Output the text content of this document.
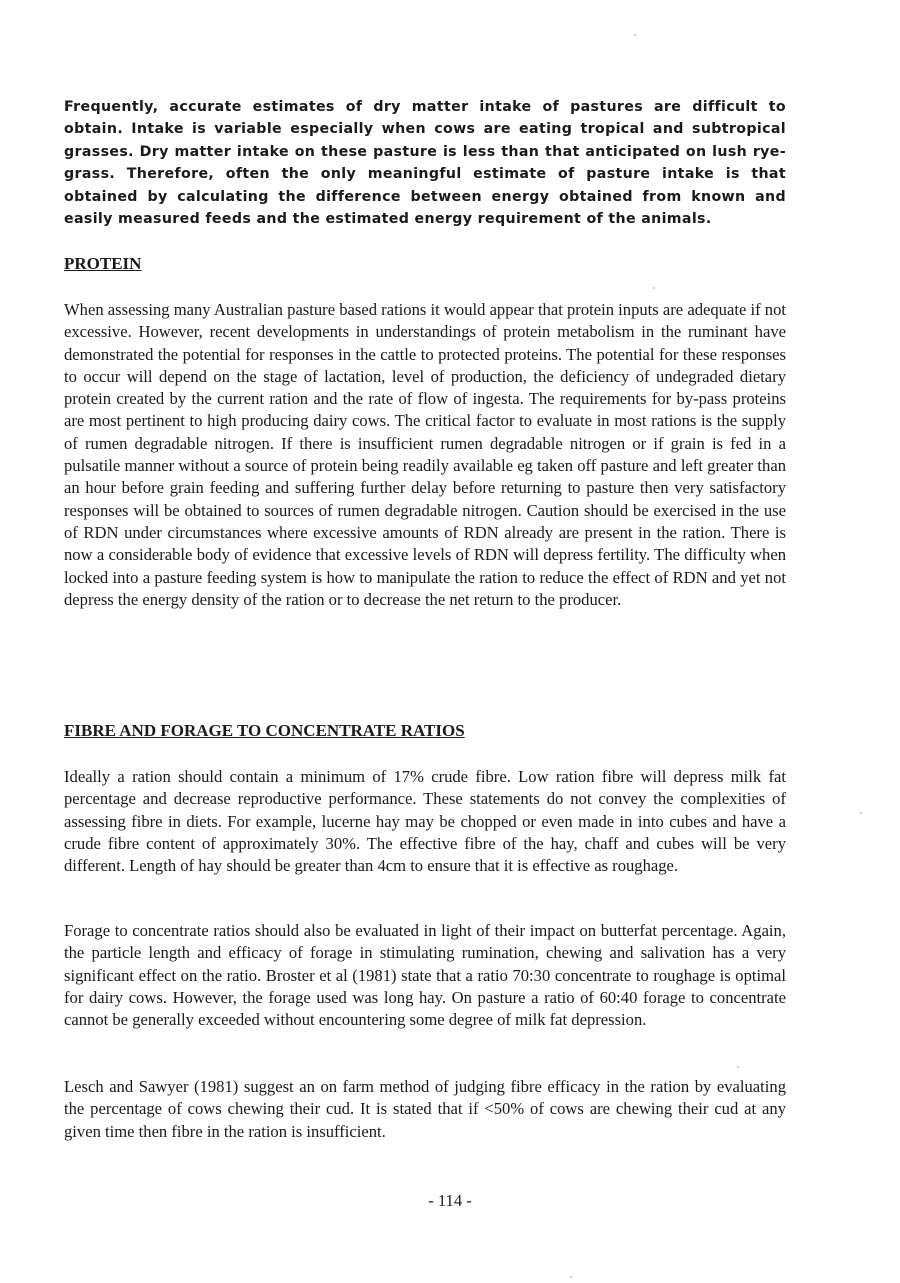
Frequently, accurate estimates of dry matter intake of pastures are difficult to obtain. Intake is variable especially when cows are eating tropical and subtropical grasses. Dry matter intake on these pasture is less than that anticipated on lush rye-grass. Therefore, often the only meaningful estimate of pasture intake is that obtained by calculating the difference between energy obtained from known and easily measured feeds and the estimated energy requirement of the animals.

PROTEIN

When assessing many Australian pasture based rations it would appear that protein inputs are adequate if not excessive. However, recent developments in understandings of protein metabolism in the ruminant have demonstrated the potential for responses in the cattle to protected proteins. The potential for these responses to occur will depend on the stage of lactation, level of production, the deficiency of undegraded dietary protein created by the current ration and the rate of flow of ingesta. The requirements for by-pass proteins are most pertinent to high producing dairy cows. The critical factor to evaluate in most rations is the supply of rumen degradable nitrogen. If there is insufficient rumen degradable nitrogen or if grain is fed in a pulsatile manner without a source of protein being readily available eg taken off pasture and left greater than an hour before grain feeding and suffering further delay before returning to pasture then very satisfactory responses will be obtained to sources of rumen degradable nitrogen. Caution should be exercised in the use of RDN under circumstances where excessive amounts of RDN already are present in the ration. There is now a considerable body of evidence that excessive levels of RDN will depress fertility. The difficulty when locked into a pasture feeding system is how to manipulate the ration to reduce the effect of RDN and yet not depress the energy density of the ration or to decrease the net return to the producer.

FIBRE AND FORAGE TO CONCENTRATE RATIOS

Ideally a ration should contain a minimum of 17% crude fibre. Low ration fibre will depress milk fat percentage and decrease reproductive performance. These statements do not convey the complexities of assessing fibre in diets. For example, lucerne hay may be chopped or even made in into cubes and have a crude fibre content of approximately 30%. The effective fibre of the hay, chaff and cubes will be very different. Length of hay should be greater than 4cm to ensure that it is effective as roughage.

Forage to concentrate ratios should also be evaluated in light of their impact on butterfat percentage. Again, the particle length and efficacy of forage in stimulating rumination, chewing and salivation has a very significant effect on the ratio. Broster et al (1981) state that a ratio 70:30 concentrate to roughage is optimal for dairy cows. However, the forage used was long hay. On pasture a ratio of 60:40 forage to concentrate cannot be generally exceeded without encountering some degree of milk fat depression.

Lesch and Sawyer (1981) suggest an on farm method of judging fibre efficacy in the ration by evaluating the percentage of cows chewing their cud. It is stated that if <50% of cows are chewing their cud at any given time then fibre in the ration is insufficient.

- 114 -
